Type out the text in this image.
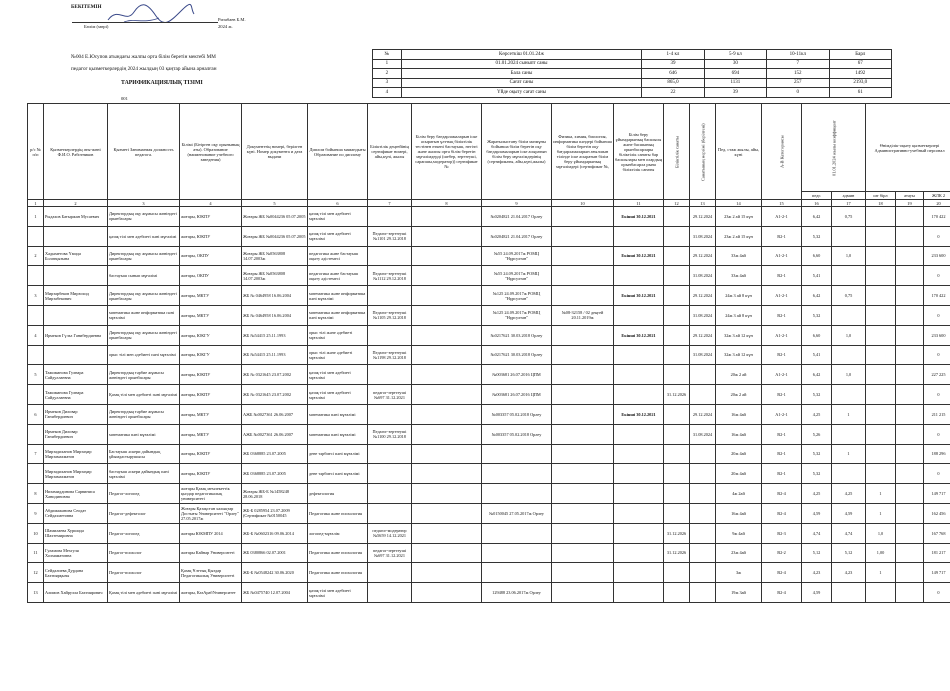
БЕКІТЕМІН
Ризабаев Б.М.
Бөлім (мөрі)	2024 ж.
№004 Е.Юсупов атындағы жалпы орта білім беретін мектебі ММ
педагог қызметкерлердің 2024 жылдың 03 қаңтар айына арналған
ТАРИФИКАЦИЯЛЫҚ ТІЗІМІ
001
№	Көрсеткіш 01.01.24ж	1-4 кл	5-9 кл	10-11кл	Барл
1	01.01.2024 сыныпт саны	39	30	7	67
2	Бала саны	646	694	152	1492
3	Сағат саны	865,0	1131	257	2193,0
4	Үйде оқыту сағат саны	22	39	0	61
р/с № п/п	Қызметкерлердің аты-жөні Ф.И.О. Работников	Қызметі Занимаемая должность педагога.	Білімі (Бітірген оқу орынының аты). Образование (наименование учебного заведения)	Документтің номері, берілген күні. Номер документа и дата выдачи	Диплом бойынша мамандығы Образование по диплому	Біліктілік деңгейінің сертификат номері, айы,күні, жылы	Білім беру бағдарламаларын іске асыратын ұлттық біліктілік тестінен өткені бастауыш, негізгі және жалпы орта білім беретін мұғалімдерді (шебер, зерттеуші, сарапшы,модератор)) сертификат №	Жаратылыстану білім мазмұны бойынша білім беретін оқу бағдарламаларын іске асыратын білім беру мұғалімдерінің (сертификаты, айы,күні,жылы)	Физика, химия, биология, информатика пәндері бойынша білім беретін оқу бағдарламаларын ағылшын тілінде іске асыратын білім беру ұйымдарының мұғалімдері (сертификат №,	Білім беру ұйымдарының басшысы және басшының орынбасарлары біліктілік санаты бар басшылары мен олардың орынбасарла рына біліктілік санаты	Біліктілік санаты	Санатының мерзімі (берілгені)	Пед. стаж жылы, айы, күні	А-В Категориясы	01.01.2024 жылы коэффицент		Өнімділік-оқыту қызметкерлері Административно-учебный персонал		
															педг.	админ	шт бірл	атауы	ЖЛК 2
1	2	3	4	5	6	7	8	9	10	11	12	13	14	15	16	17	18	19	20
1	Рыдахов Батыржан Мусаевич	Директордың оқу жұмысы жөніндегі орынбасары	жоғары, ЮКПУ	Жоғары ЖБ №0044236 05.07.2005	қазақ тілі мен әдебиеті мұғалімі			№0204821 21.04.2017 Орлеу		Екінші 30.12.2021		29.12.2024	23ж 2 ай 15 күн	А1-2-1	6,42	0,75			170 422
		қазақ тілі мен әдебиеті пәні мұғалімі	жоғары, ЮКПУ	Жоғары ЖБ №0044236 05.07.2005	қазақ тілі мен әдебиеті мұғалімі	Педагог-зерттеуші №1101 29.12.2018		№0204821 21.04.2017 Орлеу				31.08.2024	23ж 2 ай 15 күн	В2-1	5,32				0
2	Хадыметова Үмида Болатқызына	Директордың оқу жұмысы жөніндегі орынбасары	жоғары, ОКПУ	Жоғары ЖБ №0563808 14.07.2003ж	педагогика және бастауыш оқыту әдістемесі			№55 24.09.2017ж РОМЦ "Нұрсултан"		Екінші 30.12.2021		29.12.2024	33ж 4ай	А1-2-1	6,60	1,0			233 600
		бастауыш сынып мұғалімі	жоғары, ОКПУ	Жоғары ЖБ №0563808 14.07.2003ж	педагогика және бастауыш оқыту әдістемесі	Педагог-зерттеуші №1112 29.12.2018		№55 24.09.2017ж РОМЦ "Нұрсултан"				31.08.2024	33ж 4ай	В2-1	5,41				0
3	Мирзарбеков Мирзохид Мирзабекович	Директордың оқу жұмысы жөніндегі орынбасары	жоғары, МКТУ	ЖБ № 0464958 16.06.2004	математика және информатика пәні мұғалімі			№125 24.09.2017ж РОМЦ "Нұрсултан"		Екінші 30.12.2021		29.12.2024	24ж 3 ай 8 күн	А1-2-1	6,42	0,75			170 422
		математика және информатика пәні мұғалімі	жоғары, МКТУ	ЖБ № 0464958 16.06.2004	математика және информатика пәні мұғалімі	Педагог-зерттеуші №1105 29.12.2018		№125 24.09.2017ж РОМЦ "Нұрсултан"	№08-32158 / 02 деңгей 20.11.2019ж			31.08.2024	24ж 3 ай 8 күн	В2-1	5,32				0
4	Ирмеков Гүльз Ганибердиевна	Директордың оқу жұмысы жөніндегі орынбасары	жоғары, ЮКГУ	ЖБ №54415 25.11.1993	орыс тілі және әдебиеті мұғалімі			№0217621 30.03.2018 Орлеу		Екінші 30.12.2021		29.12.2024	32ж 3 ай 12 күн	А1-2-1	6,60	1,0			233 600
		орыс тілі мен әдебиеті пәні мұғалімі	жоғары, ЮКГУ	ЖБ №54415 25.11.1993	орыс тілі және әдебиеті мұғалімі	Педагог-зерттеуші №1198 29.12.2018		№0217621 30.03.2018 Орлеу				31.08.2024	32ж 3 ай 12 күн	В2-1	5,41				0
5	Тажиманова Гулнара Сайдуллаевна	Директордың тәрбие жұмысы жөніндегі орынбасары	жоғары, ЮКПУ	ЖБ № 0321645 23.07.2002	қазақ тілі мен әдебиеті мұғалімі			№003681 26.07.2016 ЦПМ					20ж 2 ай	А1-2-1	6,42	1,0			227 225
	Тажиманова Гулнара Сайдуллаевна	Қазақ тілі мен әдебиеті пәні мұғалімі	жоғары, ЮКПУ	ЖБ № 0321645 23.07.2002	қазақ тілі мен әдебиеті мұғалімі	педагог-зерттеуші №697 31.12.2021		№003681 26.07.2016 ЦПМ			31.12.2026		20ж 2 ай	В2-1	5,32				0
6	Ирмеков Диловар Ганибердиевич	Директордың тәрбие жұмысы жөніндегі орынбасары	жоғары, МКТУ	АЖБ №0027361 26.06.2007	математика пәні мұғалімі			№003357 05.02.2018 Орлеу		Екінші 30.12.2021		29.12.2024	16ж 4ай	А1-2-1	4,25	1			211 215
	Ирмеков Диловар Ганибердиевич	математика пәні мұғалімі	жоғары, МКТУ	АЖБ №0027361 26.06.2007	математика пәні мұғалімі	Педагог-зерттеуші №1100 29.12.2018		№003357 05.02.2018 Орлеу				31.08.2024	16ж 4ай	В2-1	5,26				0
7	Мирзадиханов Мирзаҳир Мирзамахматов	Бастауыш әскери дайындық ұйымдастырушысы	жоғары, ЮКПУ	ЖБ 0368885 23.07.2005	дене тәрбиесі пәні мұғалімі								20ж 4ай	В2-1	5,32	1			188 296
	Мирзадиханов Мирзаҳир Мирзамахматов	бастауыш әскери дайындық пәні мұғалімі	жоғары, ЮКПУ	ЖБ 0368885 23.07.2005	дене тәрбиесі пәні мұғалімі								20ж 4ай	В2-1	5,32				0
8	Низамиддинова Сарвиниса Ханидиновна	Педагог-логопед	жоғары Қазақ мемлекеттік қыздар педагогикалық университеті	Жоғары ЖБ-Б №1458248 28.06.2018	дефектология								4ж 2ай	В2-4	4,25	4,25	1		149 717
9	Абдимажанова Сеодат Сейдахметовна	Педагог-дефектолог	Жоғары Қазақстан халықтар Достығы Университеті "Орлеу" 27.05.2017ж	ЖБ-Б 0285954 23.07.2009 (Сертификат №0150045	Педагогика және психология			№0150045 27.05.2017ж Орлеу					16ж 4ай	В2-4	4,59	4,59	1		162 456
10	Шамилаева Хуршида Шахтемировна	Педагог-логопед	жоғары ЮКМПУ 2014	ЖБ-Б №0602316 09.06.2014	логопед-мұғалім	педагог-модератор №5659 14.12.2021					31.12.2026		9ж 4ай	В2-3	4,74	4,74	1,0		167 768
11	Гуламова Мехгуля Холмаматовна	Педагог-психолог	жоғары Кайнар Университеті	ЖБ 0380866 02.07.2001	Педагогика және психология	педагог-зерттеуші №697 31.12.2021					31.12.2026		23ж 4ай	В2-2	5,12	5,12	1,00		181 217
12	Сейдалиева Дурдана Бахтиярқызы	Педагог-психолог	Қазақ Ұлттық Қыздар Педагогикалық Университеті	ЖБ-Б №0548242 30.06.2020	Педагогика және психология								3ж	В2-4	4,23	4,23	1		149 717
13	Алимов Хайрулла Бахтиярович	Қазақ тілі мен әдебиеті пәні мұғалімі	жоғары, КазАрабУниверситет	ЖБ №0475740 12.07.2004	қазақ тілі мен әдебиеті мұғалімі			129488 23.06.2017ж Орлеу					19ж 3ай	В2-4	4,59				0
